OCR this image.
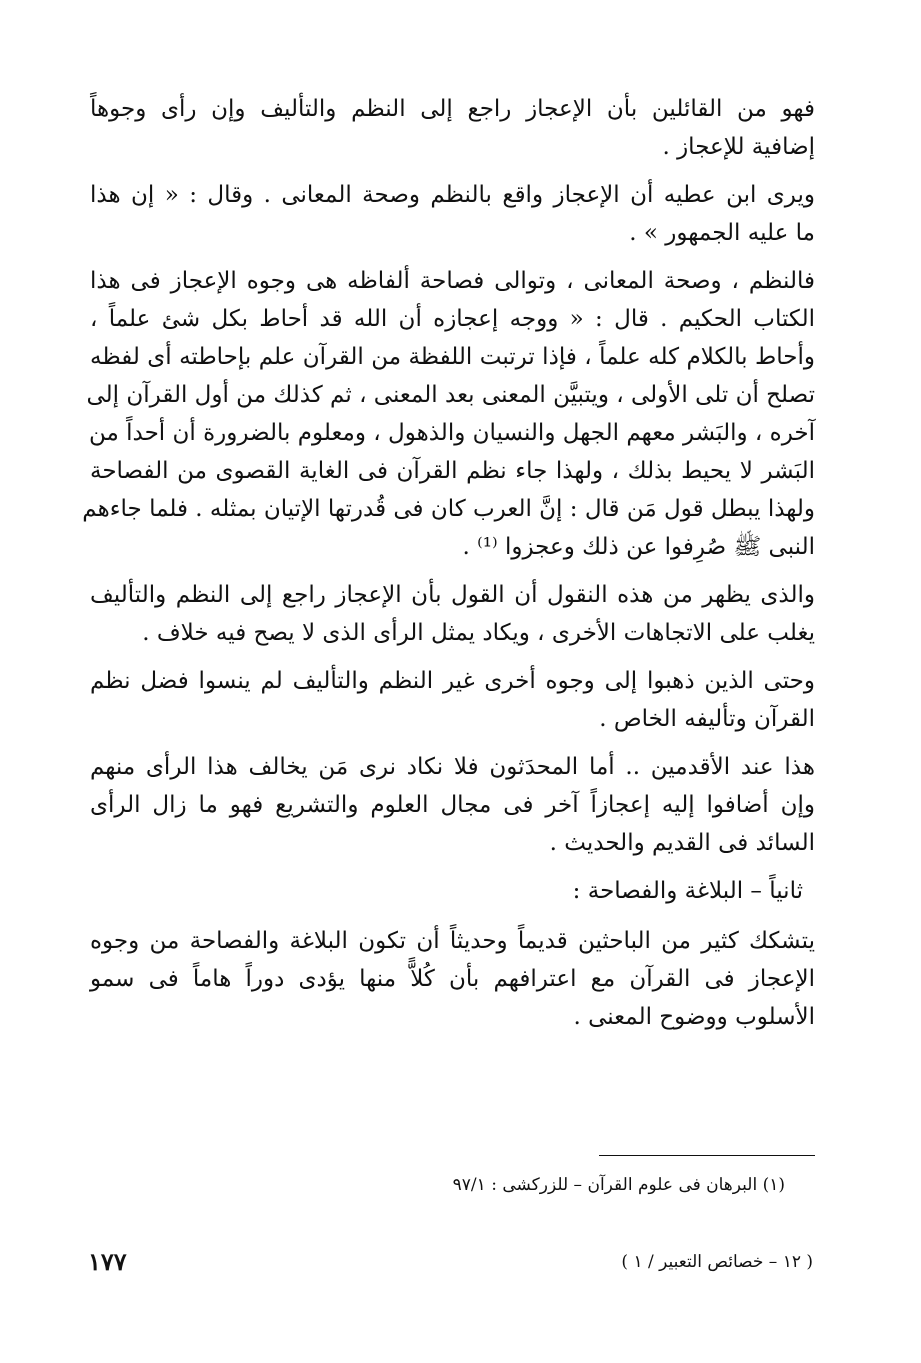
فهو من القائلين بأن الإعجاز راجع إلى النظم والتأليف وإن رأى وجوهاً
إضافية للإعجاز .
ويرى ابن عطيه أن الإعجاز واقع بالنظم وصحة المعانى . وقال : « إن هذا
ما عليه الجمهور » .
فالنظم ، وصحة المعانى ، وتوالى فصاحة ألفاظه هى وجوه الإعجاز فى هذا
الكتاب الحكيم . قال : « ووجه إعجازه أن الله قد أحاط بكل شئ علماً ،
وأحاط بالكلام كله علماً ، فإذا ترتبت اللفظة من القرآن علم بإحاطته أى لفظه
تصلح أن تلى الأولى ، ويتبيَّن المعنى بعد المعنى ، ثم كذلك من أول القرآن إلى
آخره ، والبَشر معهم الجهل والنسيان والذهول ، ومعلوم بالضرورة أن أحداً من
البَشر لا يحيط بذلك ، ولهذا جاء نظم القرآن فى الغاية القصوى من الفصاحة
ولهذا يبطل قول مَن قال : إنَّ العرب كان فى قُدرتها الإتيان بمثله . فلما جاءهم
النبى ﷺ صُرِفوا عن ذلك وعجزوا ⁽¹⁾ .
والذى يظهر من هذه النقول أن القول بأن الإعجاز راجع إلى النظم والتأليف
يغلب على الاتجاهات الأخرى ، ويكاد يمثل الرأى الذى لا يصح فيه خلاف .
وحتى الذين ذهبوا إلى وجوه أخرى غير النظم والتأليف لم ينسوا فضل نظم
القرآن وتأليفه الخاص .
هذا عند الأقدمين .. أما المحدَثون فلا نكاد نرى مَن يخالف هذا الرأى منهم
وإن أضافوا إليه إعجازاً آخر فى مجال العلوم والتشريع فهو ما زال الرأى
السائد فى القديم والحديث .
ثانياً – البلاغة والفصاحة :
يتشكك كثير من الباحثين قديماً وحديثاً أن تكون البلاغة والفصاحة من وجوه
الإعجاز فى القرآن مع اعترافهم بأن كُلاًّ منها يؤدى دوراً هاماً فى سمو
الأسلوب ووضوح المعنى .
(١) البرهان فى علوم القرآن – للزركشى : ٩٧/١
١٧٧	( ١٢ – خصائص التعبير / ١ )
